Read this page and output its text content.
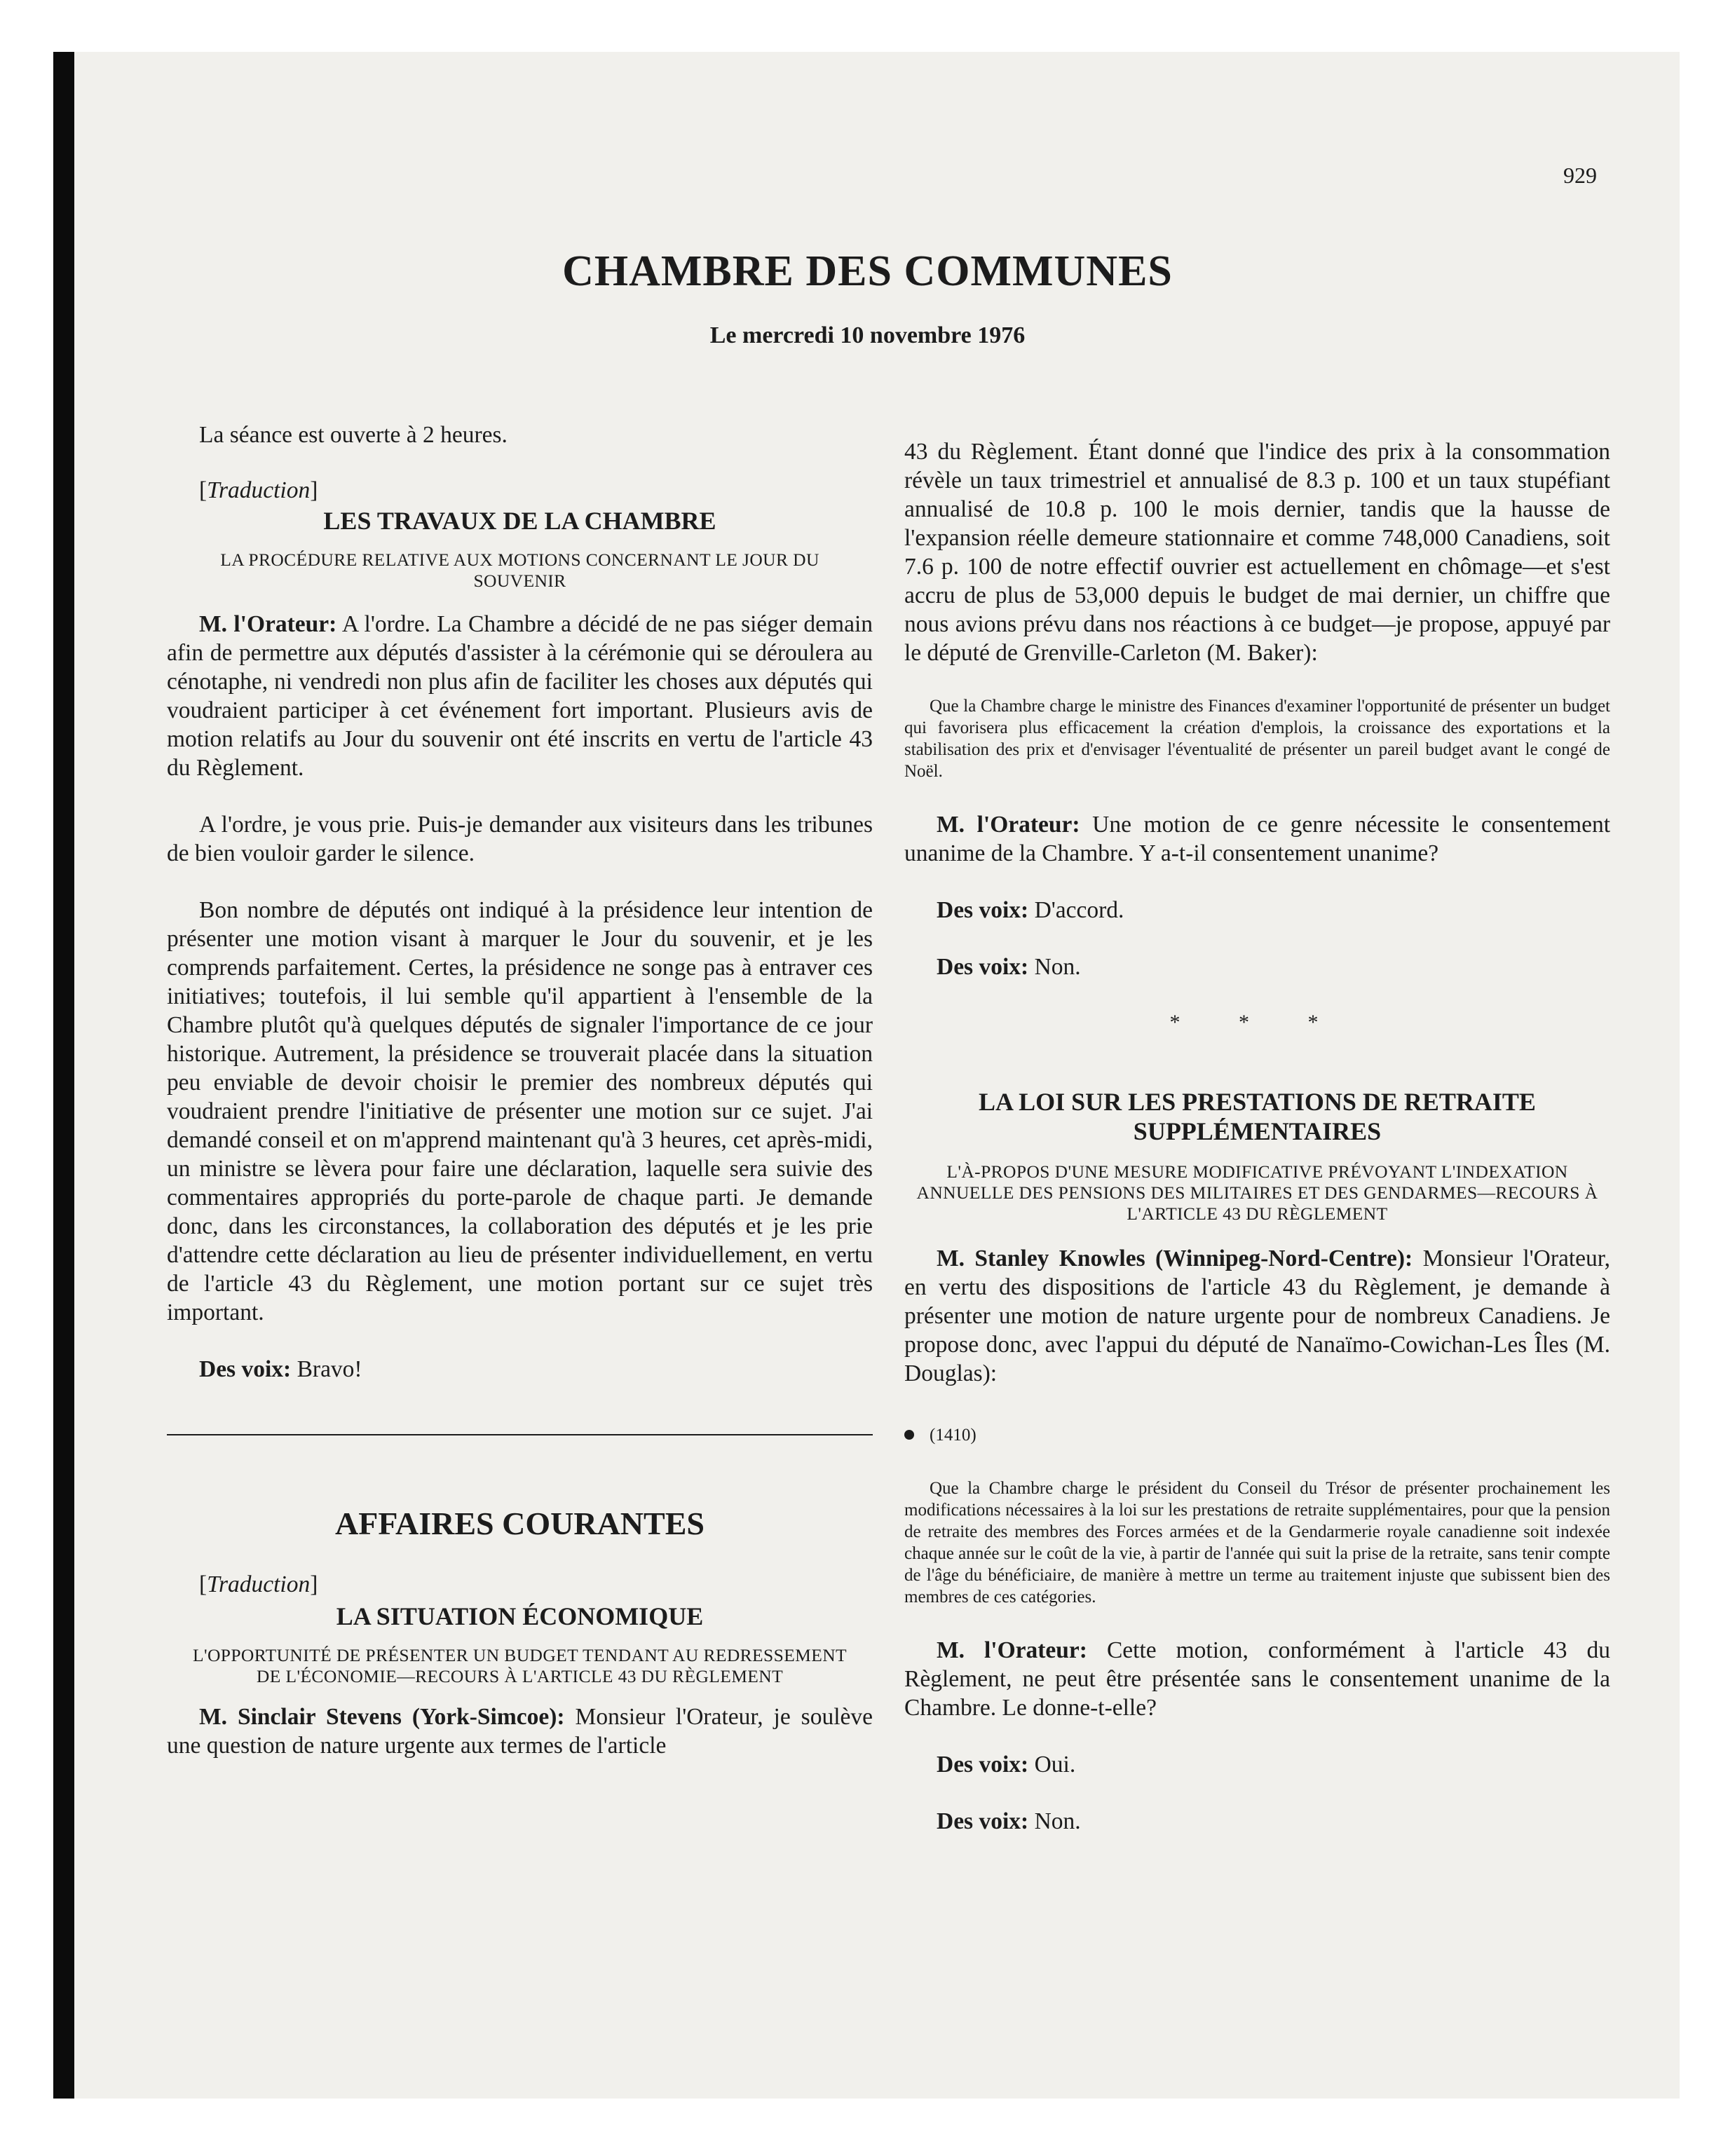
929
CHAMBRE DES COMMUNES
Le mercredi 10 novembre 1976

La séance est ouverte à 2 heures.

[Traduction]
LES TRAVAUX DE LA CHAMBRE
LA PROCÉDURE RELATIVE AUX MOTIONS CONCERNANT LE JOUR DU SOUVENIR

M. l'Orateur: A l'ordre. La Chambre a décidé de ne pas siéger demain afin de permettre aux députés d'assister à la cérémonie qui se déroulera au cénotaphe, ni vendredi non plus afin de faciliter les choses aux députés qui voudraient participer à cet événement fort important. Plusieurs avis de motion relatifs au Jour du souvenir ont été inscrits en vertu de l'article 43 du Règlement.

A l'ordre, je vous prie. Puis-je demander aux visiteurs dans les tribunes de bien vouloir garder le silence.

Bon nombre de députés ont indiqué à la présidence leur intention de présenter une motion visant à marquer le Jour du souvenir, et je les comprends parfaitement. Certes, la présidence ne songe pas à entraver ces initiatives; toutefois, il lui semble qu'il appartient à l'ensemble de la Chambre plutôt qu'à quelques députés de signaler l'importance de ce jour historique. Autrement, la présidence se trouverait placée dans la situation peu enviable de devoir choisir le premier des nombreux députés qui voudraient prendre l'initiative de présenter une motion sur ce sujet. J'ai demandé conseil et on m'apprend maintenant qu'à 3 heures, cet après-midi, un ministre se lèvera pour faire une déclaration, laquelle sera suivie des commentaires appropriés du porte-parole de chaque parti. Je demande donc, dans les circonstances, la collaboration des députés et je les prie d'attendre cette déclaration au lieu de présenter individuellement, en vertu de l'article 43 du Règlement, une motion portant sur ce sujet très important.

Des voix: Bravo!

AFFAIRES COURANTES
[Traduction]
LA SITUATION ÉCONOMIQUE
L'OPPORTUNITÉ DE PRÉSENTER UN BUDGET TENDANT AU REDRESSEMENT DE L'ÉCONOMIE—RECOURS À L'ARTICLE 43 DU RÈGLEMENT

M. Sinclair Stevens (York-Simcoe): Monsieur l'Orateur, je soulève une question de nature urgente aux termes de l'article

43 du Règlement. Étant donné que l'indice des prix à la consommation révèle un taux trimestriel et annualisé de 8.3 p. 100 et un taux stupéfiant annualisé de 10.8 p. 100 le mois dernier, tandis que la hausse de l'expansion réelle demeure stationnaire et comme 748,000 Canadiens, soit 7.6 p. 100 de notre effectif ouvrier est actuellement en chômage—et s'est accru de plus de 53,000 depuis le budget de mai dernier, un chiffre que nous avions prévu dans nos réactions à ce budget—je propose, appuyé par le député de Grenville-Carleton (M. Baker):

Que la Chambre charge le ministre des Finances d'examiner l'opportunité de présenter un budget qui favorisera plus efficacement la création d'emplois, la croissance des exportations et la stabilisation des prix et d'envisager l'éventualité de présenter un pareil budget avant le congé de Noël.

M. l'Orateur: Une motion de ce genre nécessite le consentement unanime de la Chambre. Y a-t-il consentement unanime?

Des voix: D'accord.

Des voix: Non.

* * *
LA LOI SUR LES PRESTATIONS DE RETRAITE SUPPLÉMENTAIRES
L'À-PROPOS D'UNE MESURE MODIFICATIVE PRÉVOYANT L'INDEXATION ANNUELLE DES PENSIONS DES MILITAIRES ET DES GENDARMES—RECOURS À L'ARTICLE 43 DU RÈGLEMENT

M. Stanley Knowles (Winnipeg-Nord-Centre): Monsieur l'Orateur, en vertu des dispositions de l'article 43 du Règlement, je demande à présenter une motion de nature urgente pour de nombreux Canadiens. Je propose donc, avec l'appui du député de Nanaïmo-Cowichan-Les Îles (M. Douglas):

(1410)
Que la Chambre charge le président du Conseil du Trésor de présenter prochainement les modifications nécessaires à la loi sur les prestations de retraite supplémentaires, pour que la pension de retraite des membres des Forces armées et de la Gendarmerie royale canadienne soit indexée chaque année sur le coût de la vie, à partir de l'année qui suit la prise de la retraite, sans tenir compte de l'âge du bénéficiaire, de manière à mettre un terme au traitement injuste que subissent bien des membres de ces catégories.

M. l'Orateur: Cette motion, conformément à l'article 43 du Règlement, ne peut être présentée sans le consentement unanime de la Chambre. Le donne-t-elle?

Des voix: Oui.

Des voix: Non.
